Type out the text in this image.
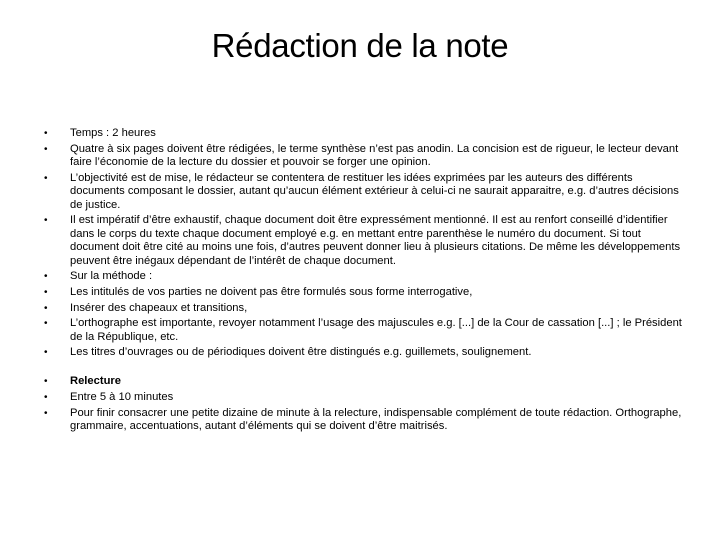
Rédaction de la note
•	Temps : 2 heures
•	Quatre à six pages doivent être rédigées, le terme synthèse n’est pas anodin. La concision est de rigueur, le lecteur devant faire l’économie de la lecture du dossier et pouvoir se forger une opinion.
•	L’objectivité est de mise, le rédacteur se contentera de restituer les idées exprimées par les auteurs des différents documents composant le dossier, autant qu’aucun élément extérieur à celui-ci ne saurait apparaitre, e.g. d’autres décisions de justice.
•	Il est impératif d’être exhaustif, chaque document doit être expressément mentionné. Il est au renfort conseillé d’identifier dans le corps du texte chaque document employé e.g. en mettant entre parenthèse le numéro du document. Si tout document doit être cité au moins une fois, d’autres peuvent donner lieu à plusieurs citations. De même les développements peuvent être inégaux dépendant de l’intérêt de chaque document.
•	Sur la méthode :
•	Les intitulés de vos parties ne doivent pas être formulés sous forme interrogative,
•	Insérer des chapeaux et transitions,
•	L’orthographe est importante, revoyer notamment l’usage des majuscules e.g. [...] de la Cour de cassation [...] ; le Président de la République, etc.
•	Les titres d’ouvrages ou de périodiques doivent être distingués e.g. guillemets, soulignement.
•	Relecture
•	Entre 5 à 10 minutes
•	Pour finir consacrer une petite dizaine de minute à la relecture, indispensable complément de toute rédaction. Orthographe, grammaire, accentuations, autant d’éléments qui se doivent d’être maitrisés.
